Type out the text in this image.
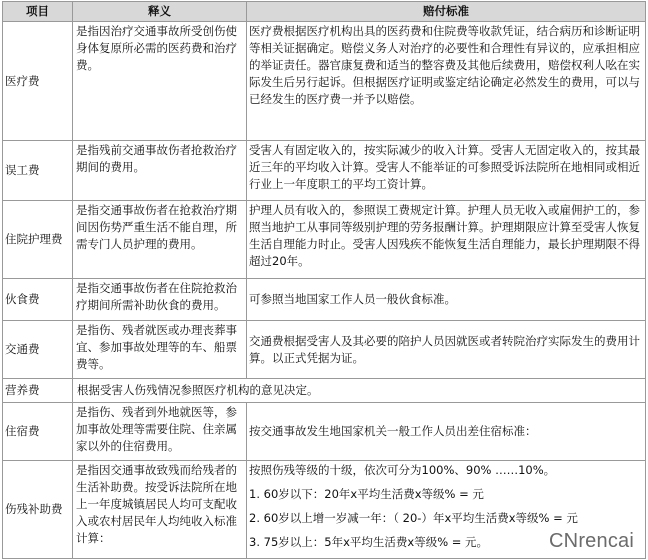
项目	释义	赔付标准
医疗费	是指因治疗交通事故所受创伤使身体复原所必需的医药费和治疗费。	医疗费根据医疗机构出具的医药费和住院费等收款凭证，结合病历和诊断证明等相关证据确定。赔偿义务人对治疗的必要性和合理性有异议的，应承担相应的举证责任。器官康复费和适当的整容费及其他后续费用，赔偿权利人吆在实际发生后另行起诉。但根据医疗证明或鉴定结论确定必然发生的费用，可以与已经发生的医疗费一并予以赔偿。
误工费	是指残前交通事故伤者抢救治疗期间的费用。	受害人有固定收入的，按实际减少的收入计算。受害人无固定收入的，按其最近三年的平均收入计算。受害人不能举证的可参照受诉法院所在地相同或相近行业上一年度职工的平均工资计算。
住院护理费	是指交通事故伤者在抢救治疗期间因伤势严重生活不能自理，所需专门人员护理的费用。	护理人员有收入的，参照误工费规定计算。护理人员无收入或雇佣护工的，参照当地护工从事同等级别护理的劳务报酬计算。护理期限应计算至受害人恢复生活自理能力时止。受害人因残疾不能恢复生活自理能力，最长护理期限不得超过20年。
伙食费	是指交通事故伤者在住院抢救治疗期间所需补助伙食的费用。	可参照当地国家工作人员一般伙食标准。
交通费	是指伤、残者就医或办理丧葬事宜、参加事故处理等的车、船票费等。	交通费根据受害人及其必要的陪护人员因就医或者转院治疗实际发生的费用计算。以正式凭据为证。
营养费	根据受害人伤残情况参照医疗机构的意见决定。	
住宿费	是指伤、残者到外地就医等，参加事故处理等需要住院、住亲属家以外的住宿费用。	按交通事故发生地国家机关一般工作人员出差住宿标准：
伤残补助费	是指因交通事故致残而给残者的生活补助费。按受诉法院所在地上一年度城镇居民人均可支配收入或农村居民年人均纯收入标准计算：	按照伤残等级的十级，依次可分为100%、90% ……10%。
1. 60岁以下：20年x平均生活费x等级% = 元
2. 60岁以上增一岁减一年：（ 20-）年x平均生活费x等级% = 元
3. 75岁以上：5年x平均生活费x等级% = 元。	CNrencai
